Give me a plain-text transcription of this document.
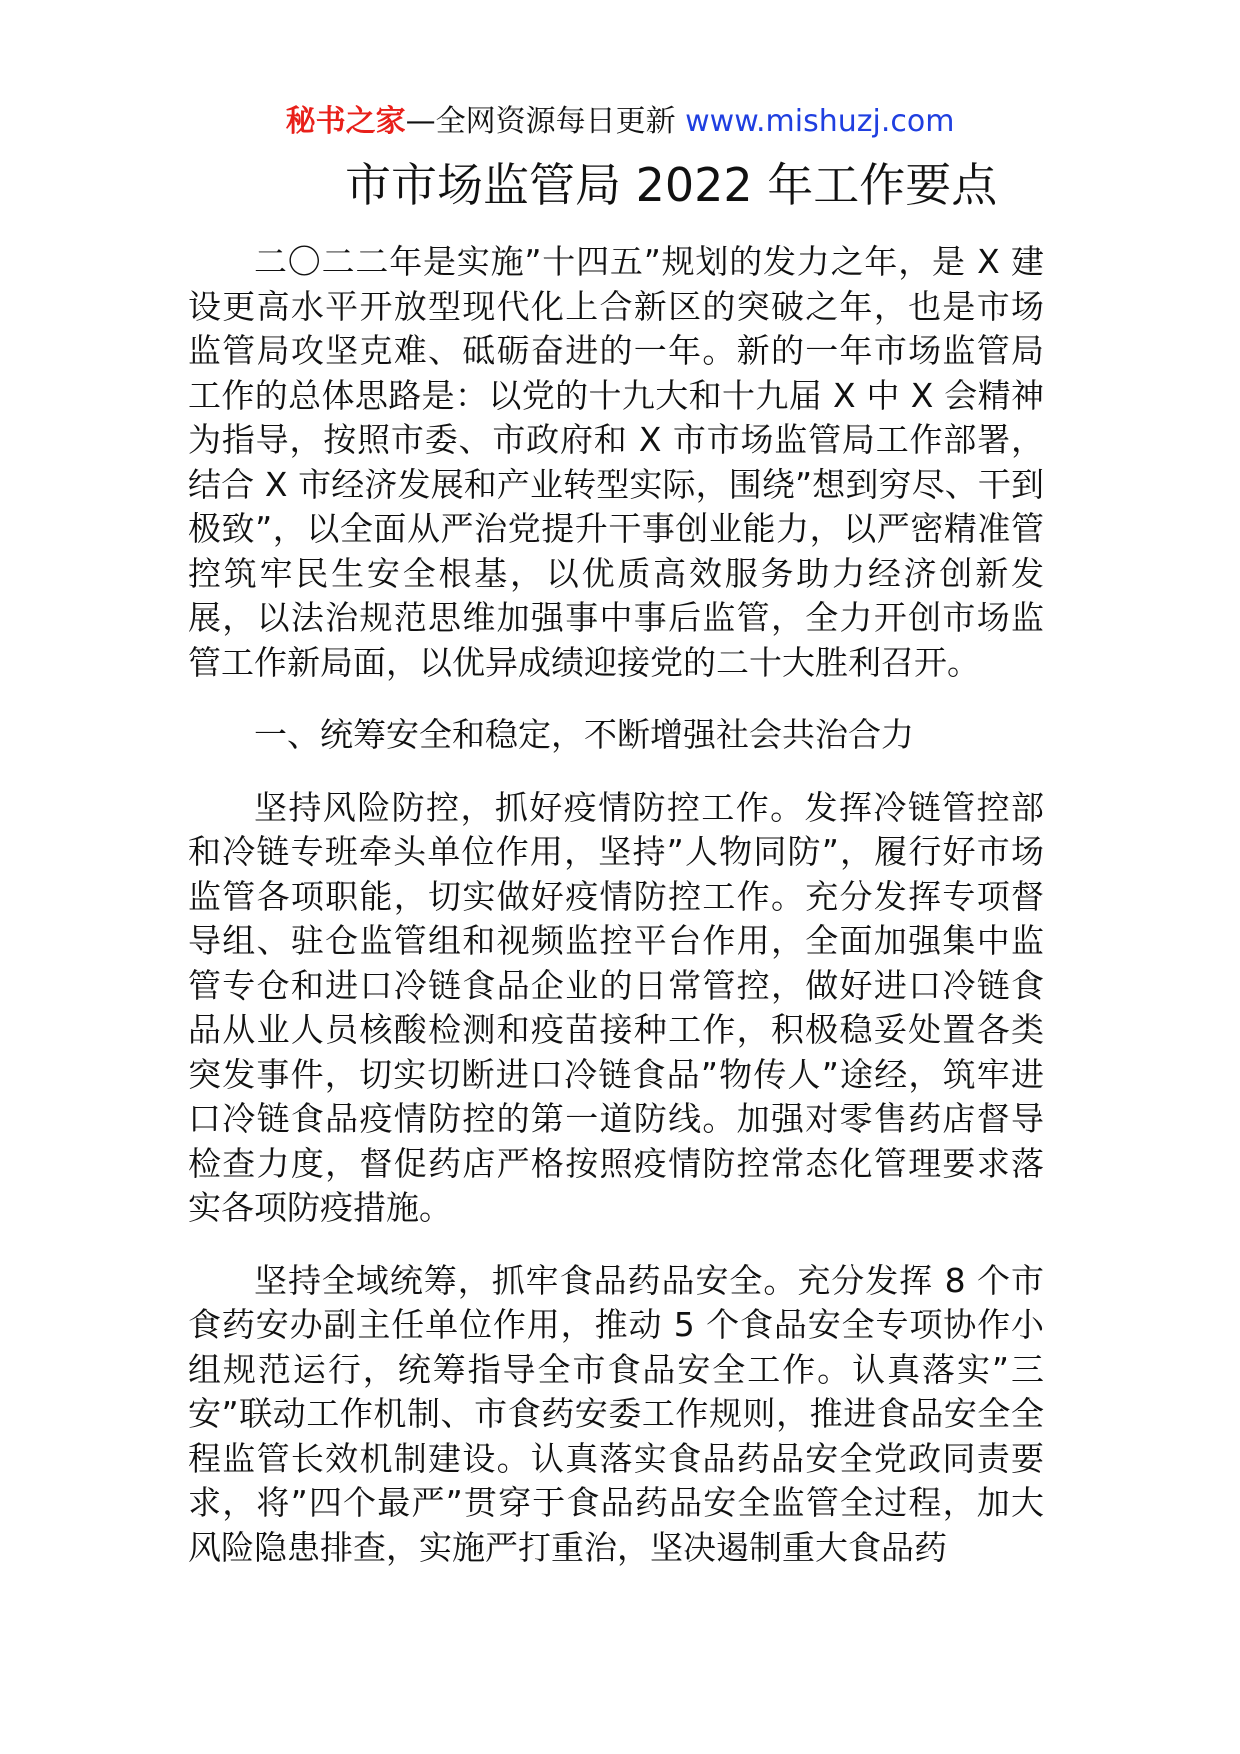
秘书之家—全网资源每日更新 www.mishuzj.com
市市场监管局 2022 年工作要点

二〇二二年是实施”十四五”规划的发力之年，是 X 建设更高水平开放型现代化上合新区的突破之年，也是市场监管局攻坚克难、砥砺奋进的一年。新的一年市场监管局工作的总体思路是：以党的十九大和十九届 X 中 X 会精神为指导，按照市委、市政府和 X 市市场监管局工作部署，结合 X 市经济发展和产业转型实际，围绕”想到穷尽、干到极致”，以全面从严治党提升干事创业能力，以严密精准管控筑牢民生安全根基，以优质高效服务助力经济创新发展，以法治规范思维加强事中事后监管，全力开创市场监管工作新局面，以优异成绩迎接党的二十大胜利召开。

一、统筹安全和稳定，不断增强社会共治合力

坚持风险防控，抓好疫情防控工作。发挥冷链管控部和冷链专班牵头单位作用，坚持”人物同防”，履行好市场监管各项职能，切实做好疫情防控工作。充分发挥专项督导组、驻仓监管组和视频监控平台作用，全面加强集中监管专仓和进口冷链食品企业的日常管控，做好进口冷链食品从业人员核酸检测和疫苗接种工作，积极稳妥处置各类突发事件，切实切断进口冷链食品”物传人”途经，筑牢进口冷链食品疫情防控的第一道防线。加强对零售药店督导检查力度，督促药店严格按照疫情防控常态化管理要求落实各项防疫措施。

坚持全域统筹，抓牢食品药品安全。充分发挥 8 个市食药安办副主任单位作用，推动 5 个食品安全专项协作小组规范运行，统筹指导全市食品安全工作。认真落实”三安”联动工作机制、市食药安委工作规则，推进食品安全全程监管长效机制建设。认真落实食品药品安全党政同责要求，将”四个最严”贯穿于食品药品安全监管全过程，加大风险隐患排查，实施严打重治，坚决遏制重大食品药
